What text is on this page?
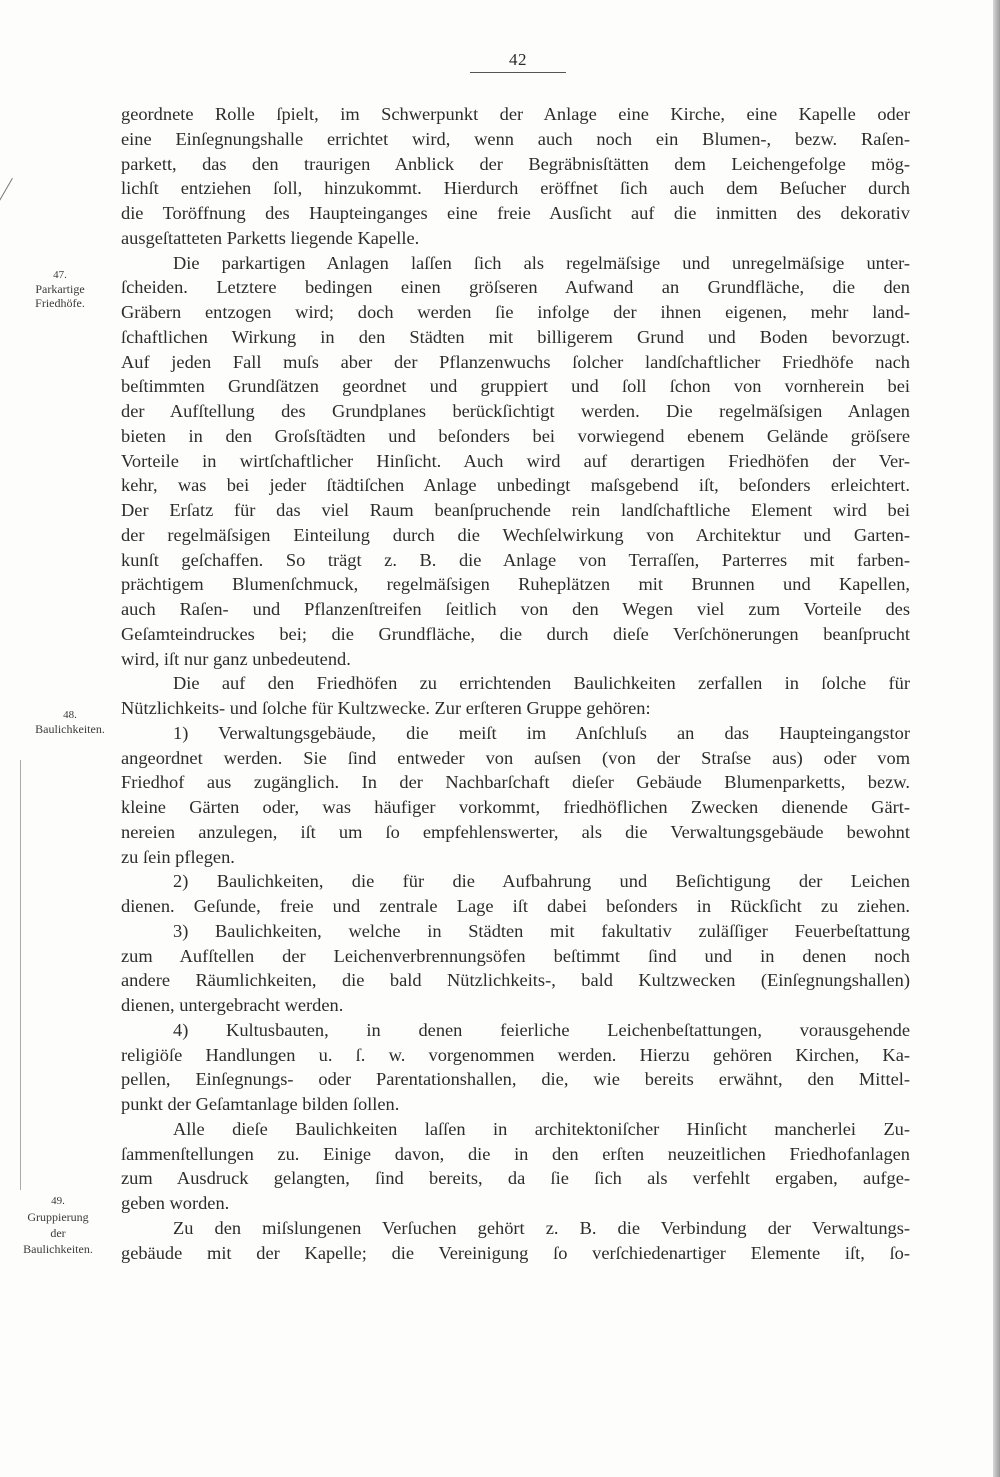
42
47.
Parkartige
Friedhöfe.
48.
Baulichkeiten.
49.
Gruppierung
der
Baulichkeiten.
geordnete Rolle ſpielt, im Schwerpunkt der Anlage eine Kirche, eine Kapelle oder
eine Einſegnungshalle errichtet wird, wenn auch noch ein Blumen-, bezw. Raſen-
parkett, das den traurigen Anblick der Begräbnisſtätten dem Leichengefolge mög-
lichſt entziehen ſoll, hinzukommt. Hierdurch eröffnet ſich auch dem Beſucher durch
die Toröffnung des Haupteinganges eine freie Ausſicht auf die inmitten des dekorativ
ausgeſtatteten Parketts liegende Kapelle.
Die parkartigen Anlagen laſſen ſich als regelmäſsige und unregelmäſsige unter-
ſcheiden. Letztere bedingen einen gröſseren Aufwand an Grundfläche, die den
Gräbern entzogen wird; doch werden ſie infolge der ihnen eigenen, mehr land-
ſchaftlichen Wirkung in den Städten mit billigerem Grund und Boden bevorzugt.
Auf jeden Fall muſs aber der Pflanzenwuchs ſolcher landſchaftlicher Friedhöfe nach
beſtimmten Grundſätzen geordnet und gruppiert und ſoll ſchon von vornherein bei
der Aufſtellung des Grundplanes berückſichtigt werden. Die regelmäſsigen Anlagen
bieten in den Groſsſtädten und beſonders bei vorwiegend ebenem Gelände gröſsere
Vorteile in wirtſchaftlicher Hinſicht. Auch wird auf derartigen Friedhöfen der Ver-
kehr, was bei jeder ſtädtiſchen Anlage unbedingt maſsgebend iſt, beſonders erleichtert.
Der Erſatz für das viel Raum beanſpruchende rein landſchaftliche Element wird bei
der regelmäſsigen Einteilung durch die Wechſelwirkung von Architektur und Garten-
kunſt geſchaffen. So trägt z. B. die Anlage von Terraſſen, Parterres mit farben-
prächtigem Blumenſchmuck, regelmäſsigen Ruheplätzen mit Brunnen und Kapellen,
auch Raſen- und Pflanzenſtreifen ſeitlich von den Wegen viel zum Vorteile des
Geſamteindruckes bei; die Grundfläche, die durch dieſe Verſchönerungen beanſprucht
wird, iſt nur ganz unbedeutend.
Die auf den Friedhöfen zu errichtenden Baulichkeiten zerfallen in ſolche für
Nützlichkeits- und ſolche für Kultzwecke. Zur erſteren Gruppe gehören:
1) Verwaltungsgebäude, die meiſt im Anſchluſs an das Haupteingangstor
angeordnet werden. Sie ſind entweder von auſsen (von der Straſse aus) oder vom
Friedhof aus zugänglich. In der Nachbarſchaft dieſer Gebäude Blumenparketts, bezw.
kleine Gärten oder, was häufiger vorkommt, friedhöflichen Zwecken dienende Gärt-
nereien anzulegen, iſt um ſo empfehlenswerter, als die Verwaltungsgebäude bewohnt
zu ſein pflegen.
2) Baulichkeiten, die für die Aufbahrung und Beſichtigung der Leichen
dienen. Geſunde, freie und zentrale Lage iſt dabei beſonders in Rückſicht zu ziehen.
3) Baulichkeiten, welche in Städten mit fakultativ zuläſſiger Feuerbeſtattung
zum Aufſtellen der Leichenverbrennungsöfen beſtimmt ſind und in denen noch
andere Räumlichkeiten, die bald Nützlichkeits-, bald Kultzwecken (Einſegnungshallen)
dienen, untergebracht werden.
4) Kultusbauten, in denen feierliche Leichenbeſtattungen, vorausgehende
religiöſe Handlungen u. ſ. w. vorgenommen werden. Hierzu gehören Kirchen, Ka-
pellen, Einſegnungs- oder Parentationshallen, die, wie bereits erwähnt, den Mittel-
punkt der Geſamtanlage bilden ſollen.
Alle dieſe Baulichkeiten laſſen in architektoniſcher Hinſicht mancherlei Zu-
ſammenſtellungen zu. Einige davon, die in den erſten neuzeitlichen Friedhofanlagen
zum Ausdruck gelangten, ſind bereits, da ſie ſich als verfehlt ergaben, aufge-
geben worden.
Zu den miſslungenen Verſuchen gehört z. B. die Verbindung der Verwaltungs-
gebäude mit der Kapelle; die Vereinigung ſo verſchiedenartiger Elemente iſt, ſo-
